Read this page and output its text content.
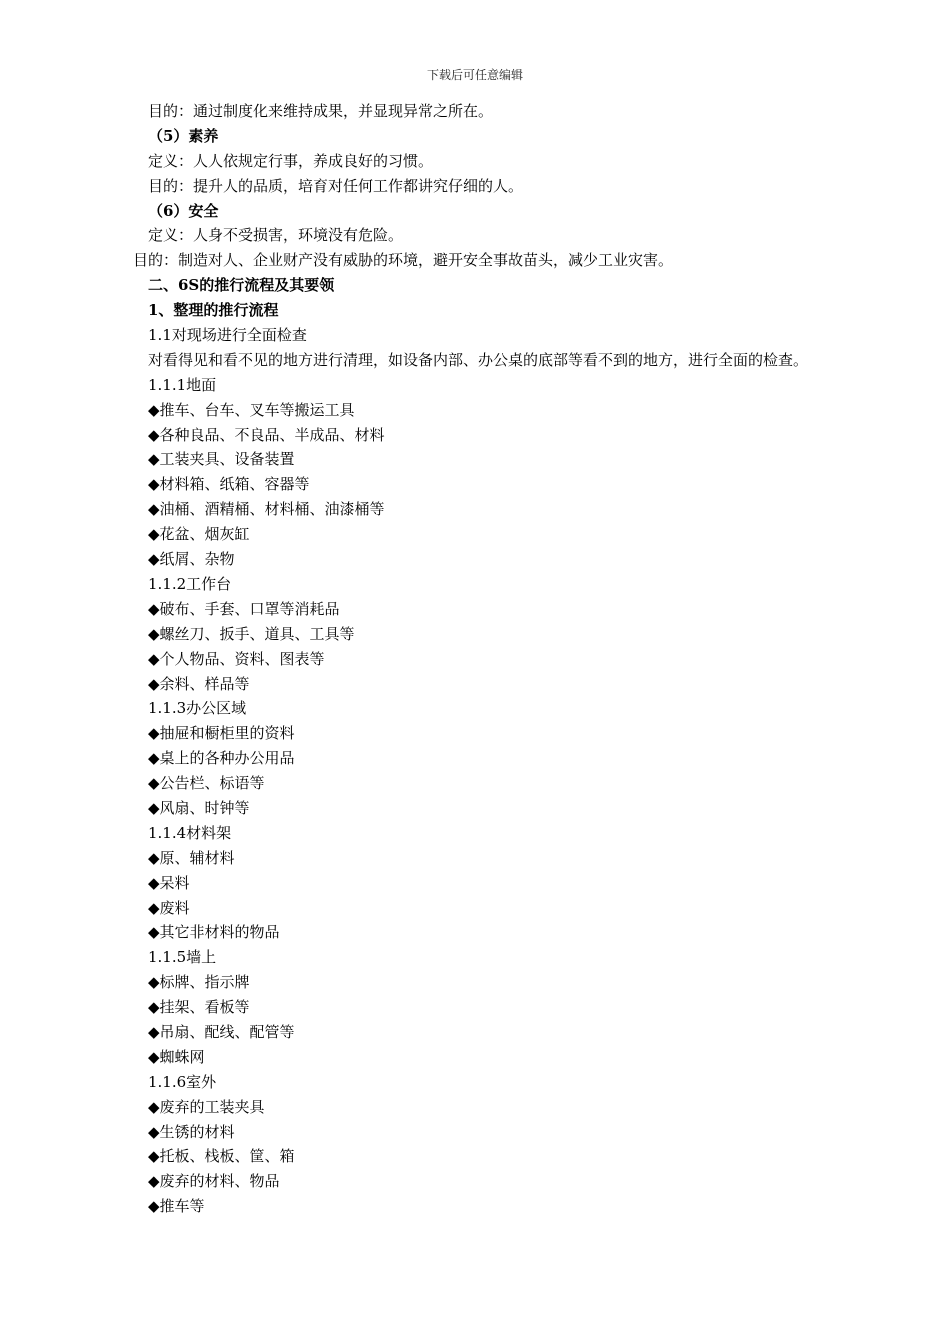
下载后可任意编辑
目的：通过制度化来维持成果，并显现异常之所在。
（5）素养
定义：人人依规定行事，养成良好的习惯。
目的：提升人的品质，培育对任何工作都讲究仔细的人。
（6）安全
定义：人身不受损害，环境没有危险。
目的：制造对人、企业财产没有威胁的环境，避开安全事故苗头，减少工业灾害。
二、6S的推行流程及其要领
1、整理的推行流程
1.1对现场进行全面检查
对看得见和看不见的地方进行清理，如设备内部、办公桌的底部等看不到的地方，进行全面的检查。
1.1.1地面
◆推车、台车、叉车等搬运工具
◆各种良品、不良品、半成品、材料
◆工装夹具、设备装置
◆材料箱、纸箱、容器等
◆油桶、酒精桶、材料桶、油漆桶等
◆花盆、烟灰缸
◆纸屑、杂物
1.1.2工作台
◆破布、手套、口罩等消耗品
◆螺丝刀、扳手、道具、工具等
◆个人物品、资料、图表等
◆余料、样品等
1.1.3办公区域
◆抽屉和橱柜里的资料
◆桌上的各种办公用品
◆公告栏、标语等
◆风扇、时钟等
1.1.4材料架
◆原、辅材料
◆呆料
◆废料
◆其它非材料的物品
1.1.5墙上
◆标牌、指示牌
◆挂架、看板等
◆吊扇、配线、配管等
◆蜘蛛网
1.1.6室外
◆废弃的工装夹具
◆生锈的材料
◆托板、栈板、筐、箱
◆废弃的材料、物品
◆推车等
